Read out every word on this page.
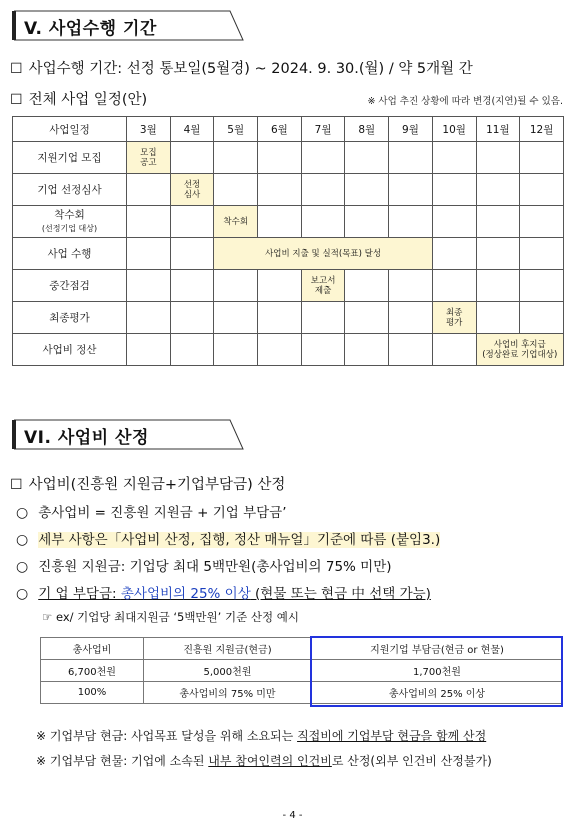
V. 사업수행 기간
☐ 사업수행 기간: 선정 통보일(5월경) ~ 2024. 9. 30.(월) / 약 5개월 간
☐ 전체 사업 일정(안)	※ 사업 추진 상황에 따라 변경(지연)될 수 있음.
사업일정	3월	4월	5월	6월	7월	8월	9월	10월	11월	12월
지원기업 모집	모집
공고									
기업 선정심사		선정
심사								
착수회
(선정기업 대상)			착수회							
사업 수행			사업비 지출 및 실적(목표) 달성							
중간점검					보고서
제출					
최종평가								최종
평가		
사업비 정산									사업비 후지급
(정상완료 기업대상)	
VI. 사업비 산정
☐ 사업비(진흥원 지원금+기업부담금) 산정
○ 총사업비 = 진흥원 지원금 + 기업 부담금’
○ 세부 사항은「사업비 산정, 집행, 정산 매뉴얼」기준에 따름 (붙임3.)
○ 진흥원 지원금: 기업당 최대 5백만원(총사업비의 75% 미만)
○ 기 업 부담금: 총사업비의 25% 이상 (현물 또는 현금 中 선택 가능)
☞ ex/ 기업당 최대지원금 ‘5백만원’ 기준 산정 예시
총사업비	진흥원 지원금(현금)	지원기업 부담금(현금 or 현물)
6,700천원	5,000천원	1,700천원
100%	총사업비의 75% 미만	총사업비의 25% 이상
※ 기업부담 현금: 사업목표 달성을 위해 소요되는 직접비에 기업부담 현금을 함께 산정
※ 기업부담 현물: 기업에 소속된 내부 참여인력의 인건비로 산정(외부 인건비 산정불가)
- 4 -
